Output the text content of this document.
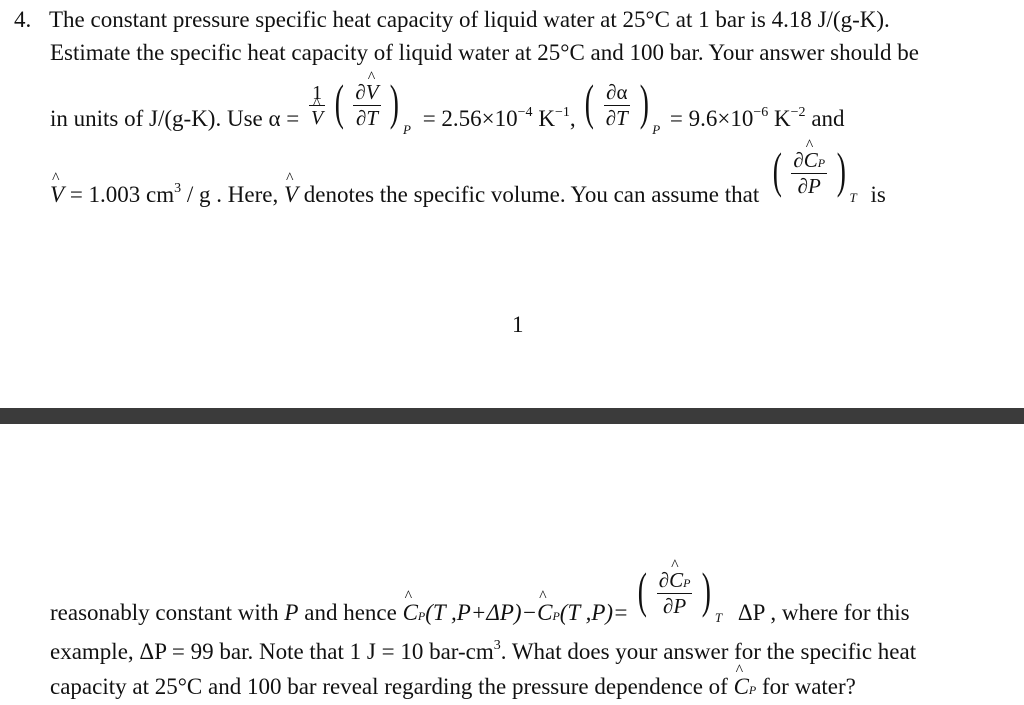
4. The constant pressure specific heat capacity of liquid water at 25°C at 1 bar is 4.18 J/(g-K).
Estimate the specific heat capacity of liquid water at 25°C and 100 bar. Your answer should be
in units of J/(g-K). Use α = 1
^ V ( $\frac{\partial\^{} V}{\partial T}$ ) $_P = 2.56\times 10^{-4}$ $K^{-1}$, ( $\frac{\partial\alpha}{\partial T}$ ) $_P = 9.6\times 10^{-6}$ $K^{-2}$ and
^ V = 1.003 $cm^3$ / g . Here, ^ V denotes the specific volume. You can assume that ( $\frac{\partial\^{} CP}{\partial P}$ ) $_T$ is
1
reasonably constant with P and hence ^ CP(T ,P+ΔP)−^ CP(T ,P)= ( $\frac{\partial\^{} CP}{\partial P}$ ) $_T$ ΔP , where for this
example, ΔP = 99 bar. Note that 1 J = 10 bar-$cm^3$. What does your answer for the specific heat
capacity at 25°C and 100 bar reveal regarding the pressure dependence of ^ CP for water?
